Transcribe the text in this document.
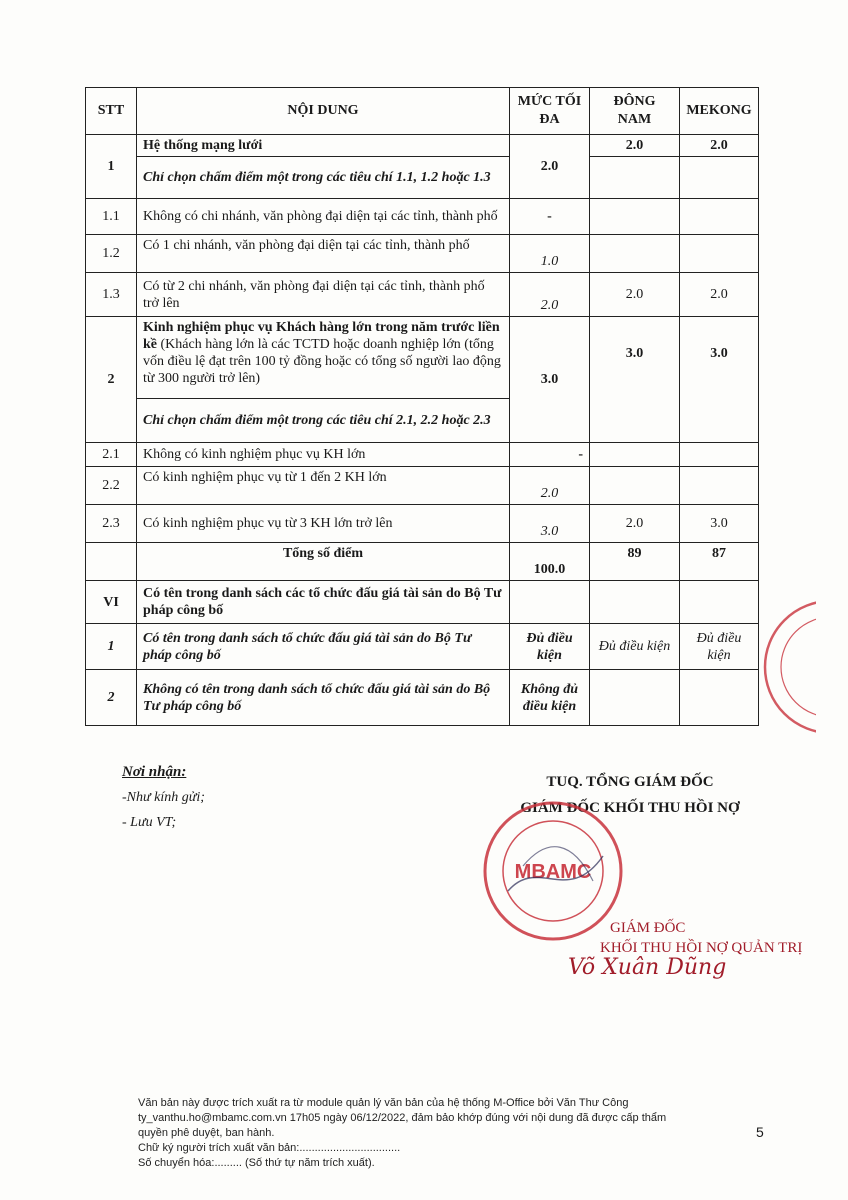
STT	NỘI DUNG	MỨC TỐI ĐA	ĐÔNG NAM	MEKONG
1	Hệ thống mạng lưới	2.0	2.0	2.0
	Chỉ chọn chấm điểm một trong các tiêu chí 1.1, 1.2 hoặc 1.3			
1.1	Không có chi nhánh, văn phòng đại diện tại các tỉnh, thành phố	-		
1.2	Có 1 chi nhánh, văn phòng đại diện tại các tỉnh, thành phố	1.0		
1.3	Có từ 2 chi nhánh, văn phòng đại diện tại các tỉnh, thành phố trở lên	2.0	2.0	2.0
2	Kinh nghiệm phục vụ Khách hàng lớn trong năm trước liền kề (Khách hàng lớn là các TCTD hoặc doanh nghiệp lớn (tổng vốn điều lệ đạt trên 100 tỷ đồng hoặc có tổng số người lao động từ 300 người trở lên)	3.0	3.0	3.0
	Chỉ chọn chấm điểm một trong các tiêu chí 2.1, 2.2 hoặc 2.3			
2.1	Không có kinh nghiệm phục vụ KH lớn	-		
2.2	Có kinh nghiệm phục vụ từ 1 đến 2 KH lớn	2.0		
2.3	Có kinh nghiệm phục vụ từ 3 KH lớn trở lên	3.0	2.0	3.0
	Tổng số điểm	100.0	89	87
VI	Có tên trong danh sách các tổ chức đấu giá tài sản do Bộ Tư pháp công bố			
1	Có tên trong danh sách tổ chức đấu giá tài sản do Bộ Tư pháp công bố	Đủ điều kiện	Đủ điều kiện	Đủ điều kiện
2	Không có tên trong danh sách tổ chức đấu giá tài sản do Bộ Tư pháp công bố	Không đủ điều kiện		
Nơi nhận:
-Như kính gửi;
- Lưu VT;
TUQ. TỔNG GIÁM ĐỐC
GIÁM ĐỐC KHỐI THU HỒI NỢ
MBAMC
GIÁM ĐỐC
KHỐI THU HỒI NỢ QUẢN TRỊ
Võ Xuân Dũng
Văn bản này được trích xuất ra từ module quản lý văn bản của hệ thống M-Office bởi Văn Thư Công
ty_vanthu.ho@mbamc.com.vn 17h05 ngày 06/12/2022, đảm bảo khớp đúng với nội dung đã được cấp thẩm
quyền phê duyệt, ban hành.
Chữ ký người trích xuất văn bản:.................................
Số chuyển hóa:......... (Số thứ tự năm trích xuất).
5
